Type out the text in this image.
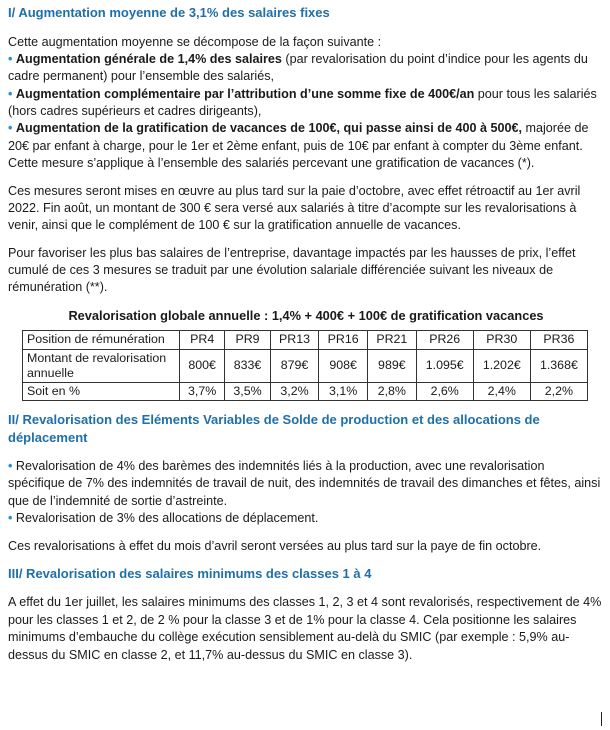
I/ Augmentation moyenne de 3,1% des salaires fixes

Cette augmentation moyenne se décompose de la façon suivante :

• Augmentation générale de 1,4% des salaires (par revalorisation du point d’indice pour les agents du cadre permanent) pour l’ensemble des salariés,

• Augmentation complémentaire par l’attribution d’une somme fixe de 400€/an pour tous les salariés (hors cadres supérieurs et cadres dirigeants),

• Augmentation de la gratification de vacances de 100€, qui passe ainsi de 400 à 500€, majorée de 20€ par enfant à charge, pour le 1er et 2ème enfant, puis de 10€ par enfant à compter du 3ème enfant. Cette mesure s’applique à l’ensemble des salariés percevant une gratification de vacances (*).

Ces mesures seront mises en œuvre au plus tard sur la paie d’octobre, avec effet rétroactif au 1er avril 2022. Fin août, un montant de 300 € sera versé aux salariés à titre d’acompte sur les revalorisations à venir, ainsi que le complément de 100 € sur la gratification annuelle de vacances.

Pour favoriser les plus bas salaires de l’entreprise, davantage impactés par les hausses de prix, l’effet cumulé de ces 3 mesures se traduit par une évolution salariale différenciée suivant les niveaux de rémunération (**).

Revalorisation globale annuelle : 1,4% + 400€ + 100€ de gratification vacances

Position de rémunération	PR4	PR9	PR13	PR16	PR21	PR26	PR30	PR36
Montant de revalorisation annuelle	800€	833€	879€	908€	989€	1.095€	1.202€	1.368€
Soit en %	3,7%	3,5%	3,2%	3,1%	2,8%	2,6%	2,4%	2,2%
II/ Revalorisation des Eléments Variables de Solde de production et des allocations de déplacement

• Revalorisation de 4% des barèmes des indemnités liés à la production, avec une revalorisation spécifique de 7% des indemnités de travail de nuit, des indemnités de travail des dimanches et fêtes, ainsi que de l’indemnité de sortie d’astreinte.

• Revalorisation de 3% des allocations de déplacement.

Ces revalorisations à effet du mois d’avril seront versées au plus tard sur la paye de fin octobre.

III/ Revalorisation des salaires minimums des classes 1 à 4

A effet du 1er juillet, les salaires minimums des classes 1, 2, 3 et 4 sont revalorisés, respectivement de 4% pour les classes 1 et 2, de 2 % pour la classe 3 et de 1% pour la classe 4. Cela positionne les salaires minimums d’embauche du collège exécution sensiblement au-delà du SMIC (par exemple : 5,9% au-dessus du SMIC en classe 2, et 11,7% au-dessus du SMIC en classe 3).
